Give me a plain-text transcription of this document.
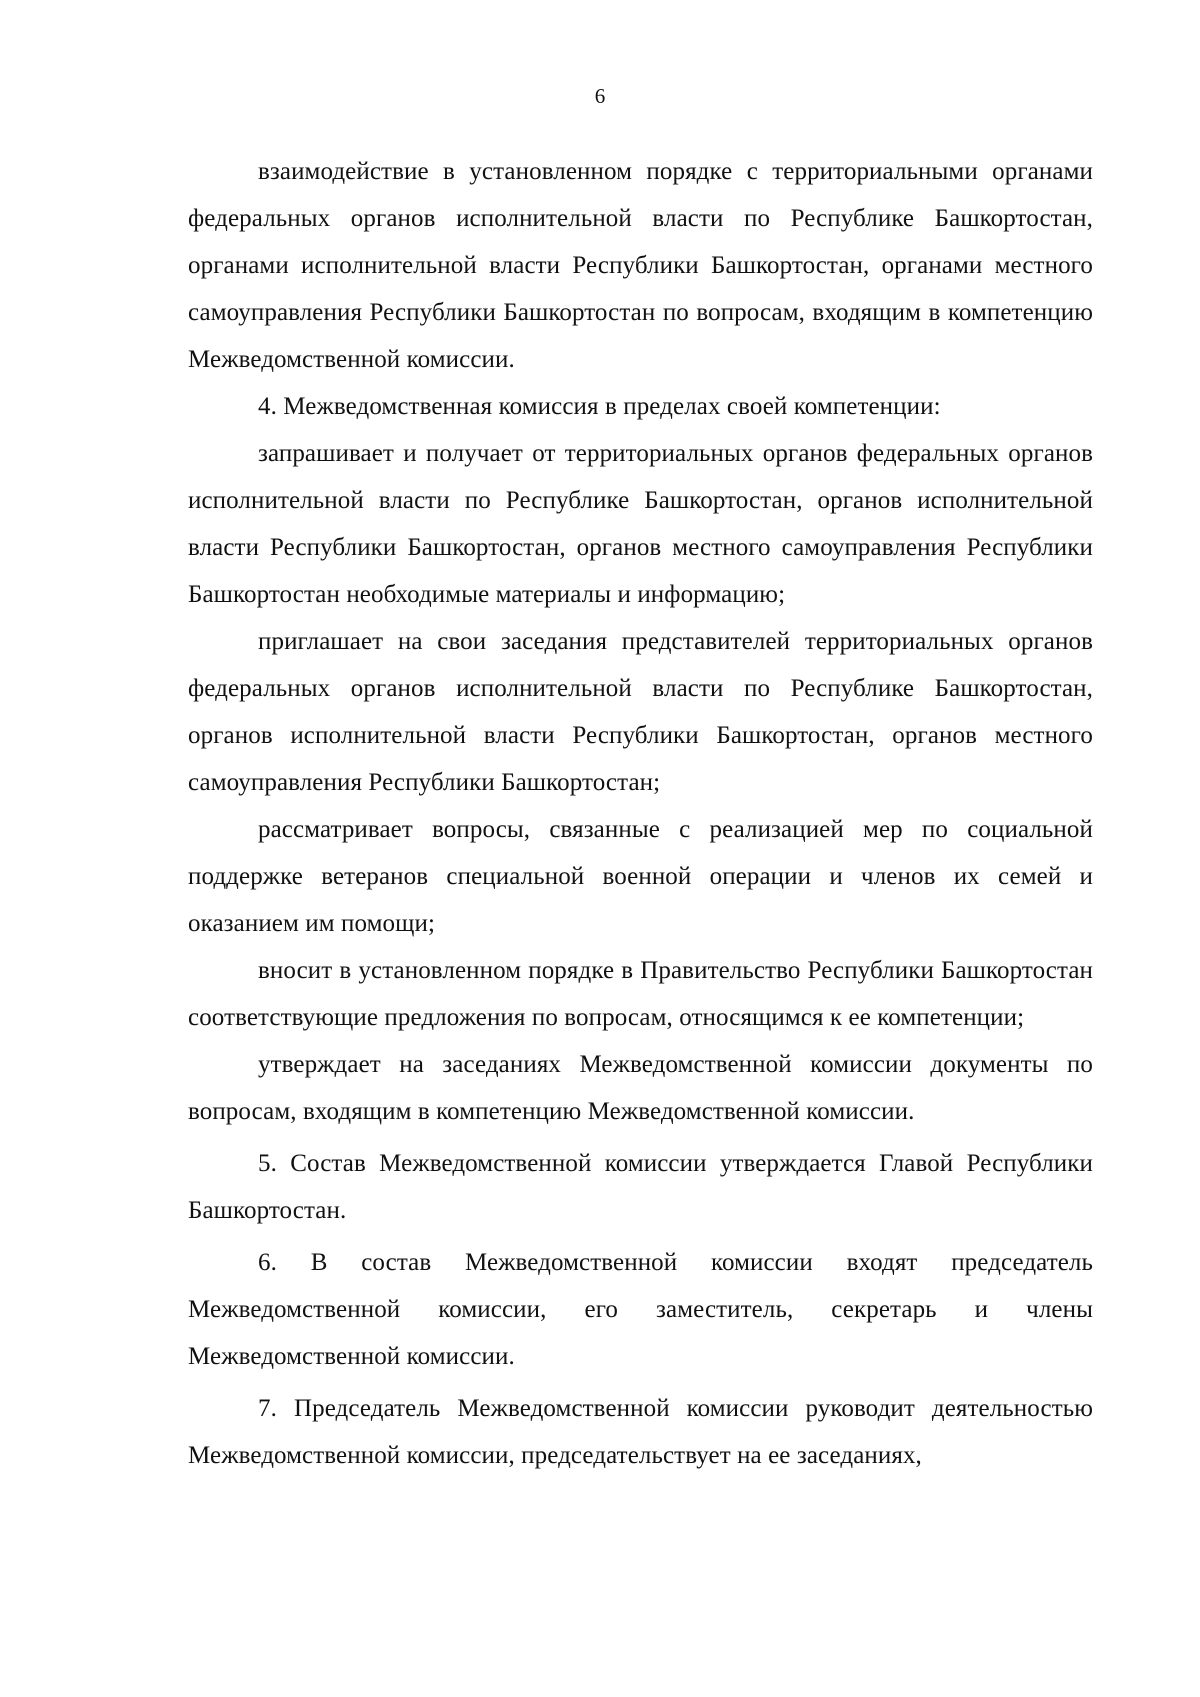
6

взаимодействие в установленном порядке с территориальными органами федеральных органов исполнительной власти по Республике Башкортостан, органами исполнительной власти Республики Башкортостан, органами местного самоуправления Республики Башкортостан по вопросам, входящим в компетенцию Межведомственной комиссии.

4. Межведомственная комиссия в пределах своей компетенции:

запрашивает и получает от территориальных органов федеральных органов исполнительной власти по Республике Башкортостан, органов исполнительной власти Республики Башкортостан, органов местного самоуправления Республики Башкортостан необходимые материалы и информацию;

приглашает на свои заседания представителей территориальных органов федеральных органов исполнительной власти по Республике Башкортостан, органов исполнительной власти Республики Башкортостан, органов местного самоуправления Республики Башкортостан;

рассматривает вопросы, связанные с реализацией мер по социальной поддержке ветеранов специальной военной операции и членов их семей и оказанием им помощи;

вносит в установленном порядке в Правительство Республики Башкортостан соответствующие предложения по вопросам, относящимся к ее компетенции;

утверждает на заседаниях Межведомственной комиссии документы по вопросам, входящим в компетенцию Межведомственной комиссии.

5. Состав Межведомственной комиссии утверждается Главой Республики Башкортостан.

6. В состав Межведомственной комиссии входят председатель Межведомственной комиссии, его заместитель, секретарь и члены Межведомственной комиссии.

7. Председатель Межведомственной комиссии руководит деятельностью Межведомственной комиссии, председательствует на ее заседаниях,
